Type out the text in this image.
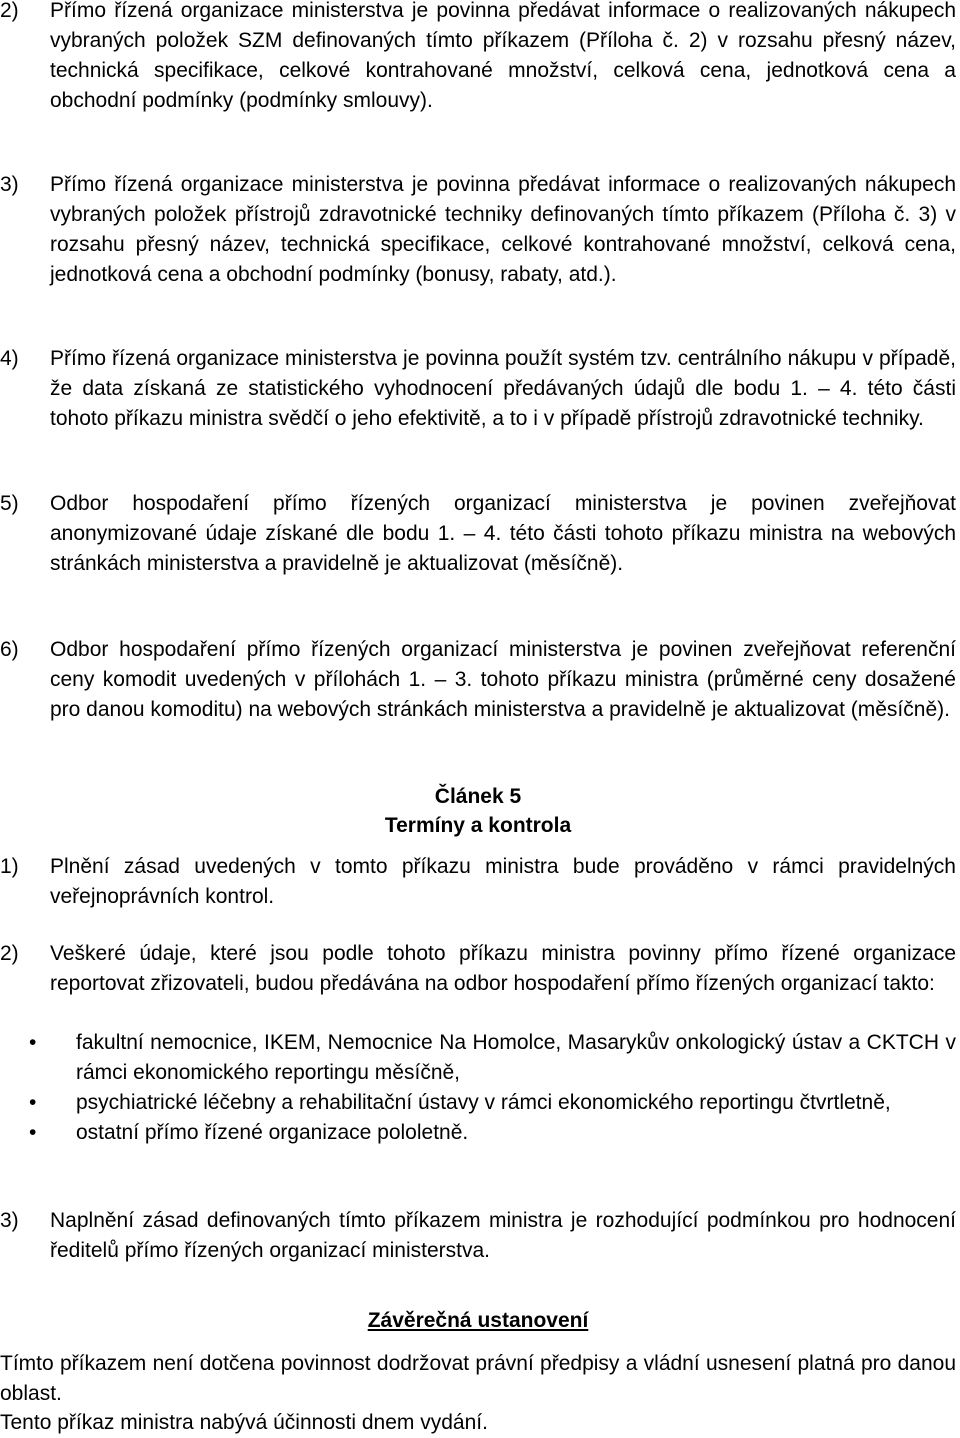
2) Přímo řízená organizace ministerstva je povinna předávat informace o realizovaných nákupech vybraných položek SZM definovaných tímto příkazem (Příloha č. 2) v rozsahu přesný název, technická specifikace, celkové kontrahované množství, celková cena, jednotková cena a obchodní podmínky (podmínky smlouvy).
3) Přímo řízená organizace ministerstva je povinna předávat informace o realizovaných nákupech vybraných položek přístrojů zdravotnické techniky definovaných tímto příkazem (Příloha č. 3) v rozsahu přesný název, technická specifikace, celkové kontrahované množství, celková cena, jednotková cena a obchodní podmínky (bonusy, rabaty, atd.).
4) Přímo řízená organizace ministerstva je povinna použít systém tzv. centrálního nákupu v případě, že data získaná ze statistického vyhodnocení předávaných údajů dle bodu 1. – 4. této části tohoto příkazu ministra svědčí o jeho efektivitě, a to i v případě přístrojů zdravotnické techniky.
5) Odbor hospodaření přímo řízených organizací ministerstva je povinen zveřejňovat anonymizované údaje získané dle bodu 1. – 4. této části tohoto příkazu ministra na webových stránkách ministerstva a pravidelně je aktualizovat (měsíčně).
6) Odbor hospodaření přímo řízených organizací ministerstva je povinen zveřejňovat referenční ceny komodit uvedených v přílohách 1. – 3. tohoto příkazu ministra (průměrné ceny dosažené pro danou komoditu) na webových stránkách ministerstva a pravidelně je aktualizovat (měsíčně).
Článek 5
Termíny a kontrola
1) Plnění zásad uvedených v tomto příkazu ministra bude prováděno v rámci pravidelných veřejnoprávních kontrol.
2) Veškeré údaje, které jsou podle tohoto příkazu ministra povinny přímo řízené organizace reportovat zřizovateli, budou předávána na odbor hospodaření přímo řízených organizací takto:
• fakultní nemocnice, IKEM, Nemocnice Na Homolce, Masarykův onkologický ústav a CKTCH v rámci ekonomického reportingu měsíčně,
• psychiatrické léčebny a rehabilitační ústavy v rámci ekonomického reportingu čtvrtletně,
• ostatní přímo řízené organizace pololetně.
3) Naplnění zásad definovaných tímto příkazem ministra je rozhodující podmínkou pro hodnocení ředitelů přímo řízených organizací ministerstva.
Závěrečná ustanovení
Tímto příkazem není dotčena povinnost dodržovat právní předpisy a vládní usnesení platná pro danou oblast.
Tento příkaz ministra nabývá účinnosti dnem vydání.
